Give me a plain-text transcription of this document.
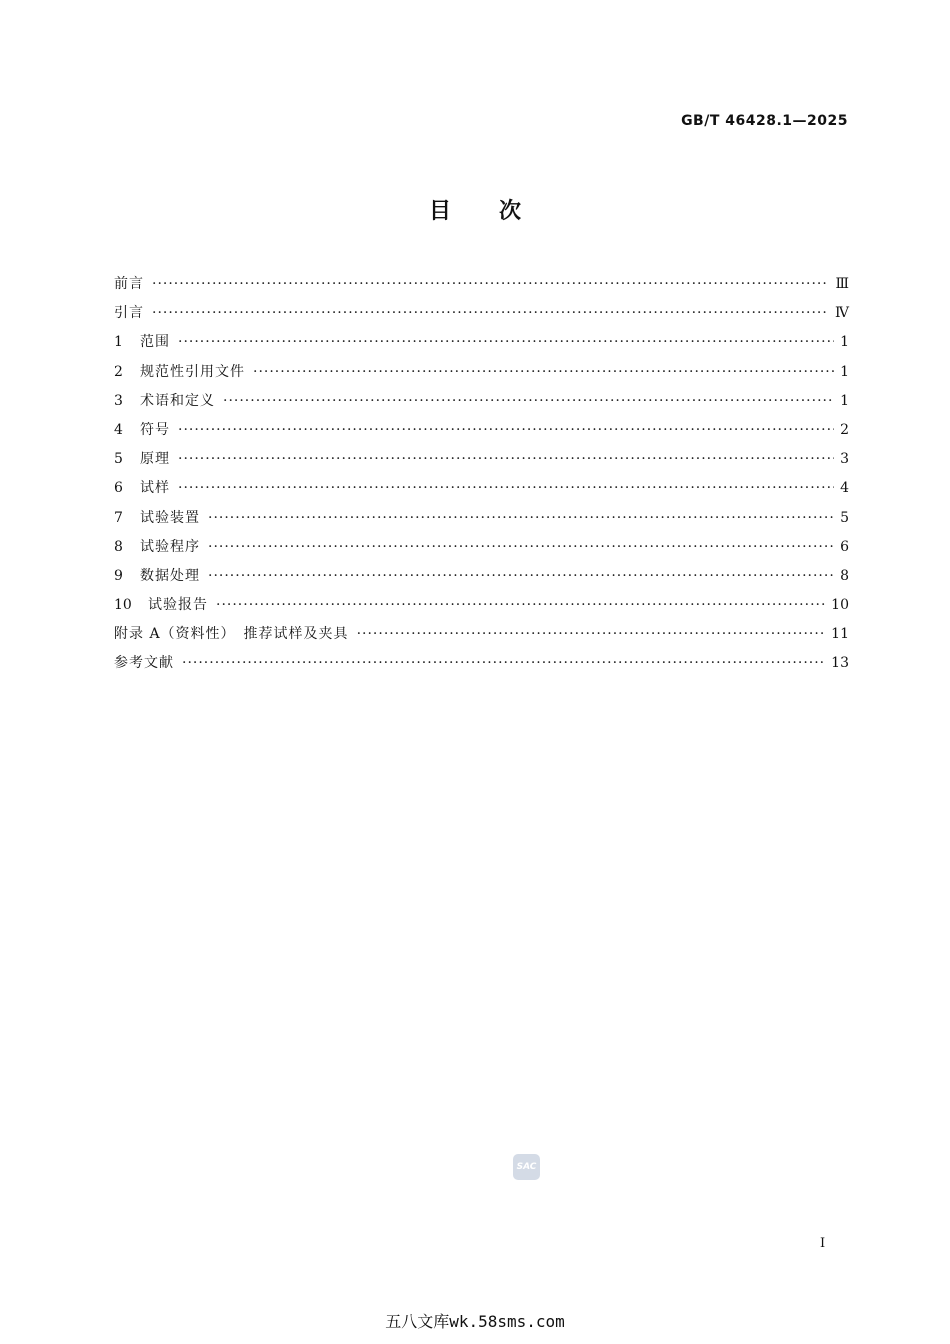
GB/T 46428.1—2025
目次
前言 ·····	Ⅲ
引言 ·····	Ⅳ
1	范围 ·····	1
2	规范性引用文件 ·····	1
3	术语和定义 ·····	1
4	符号 ·····	2
5	原理 ·····	3
6	试样 ·····	4
7	试验装置 ·····	5
8	试验程序 ·····	6
9	数据处理 ·····	8
10	试验报告 ·····	10
附录 A（资料性）　推荐试样及夹具 ·····	11
参考文献 ·····	13
SAC
I
五八文库wk.58sms.com
